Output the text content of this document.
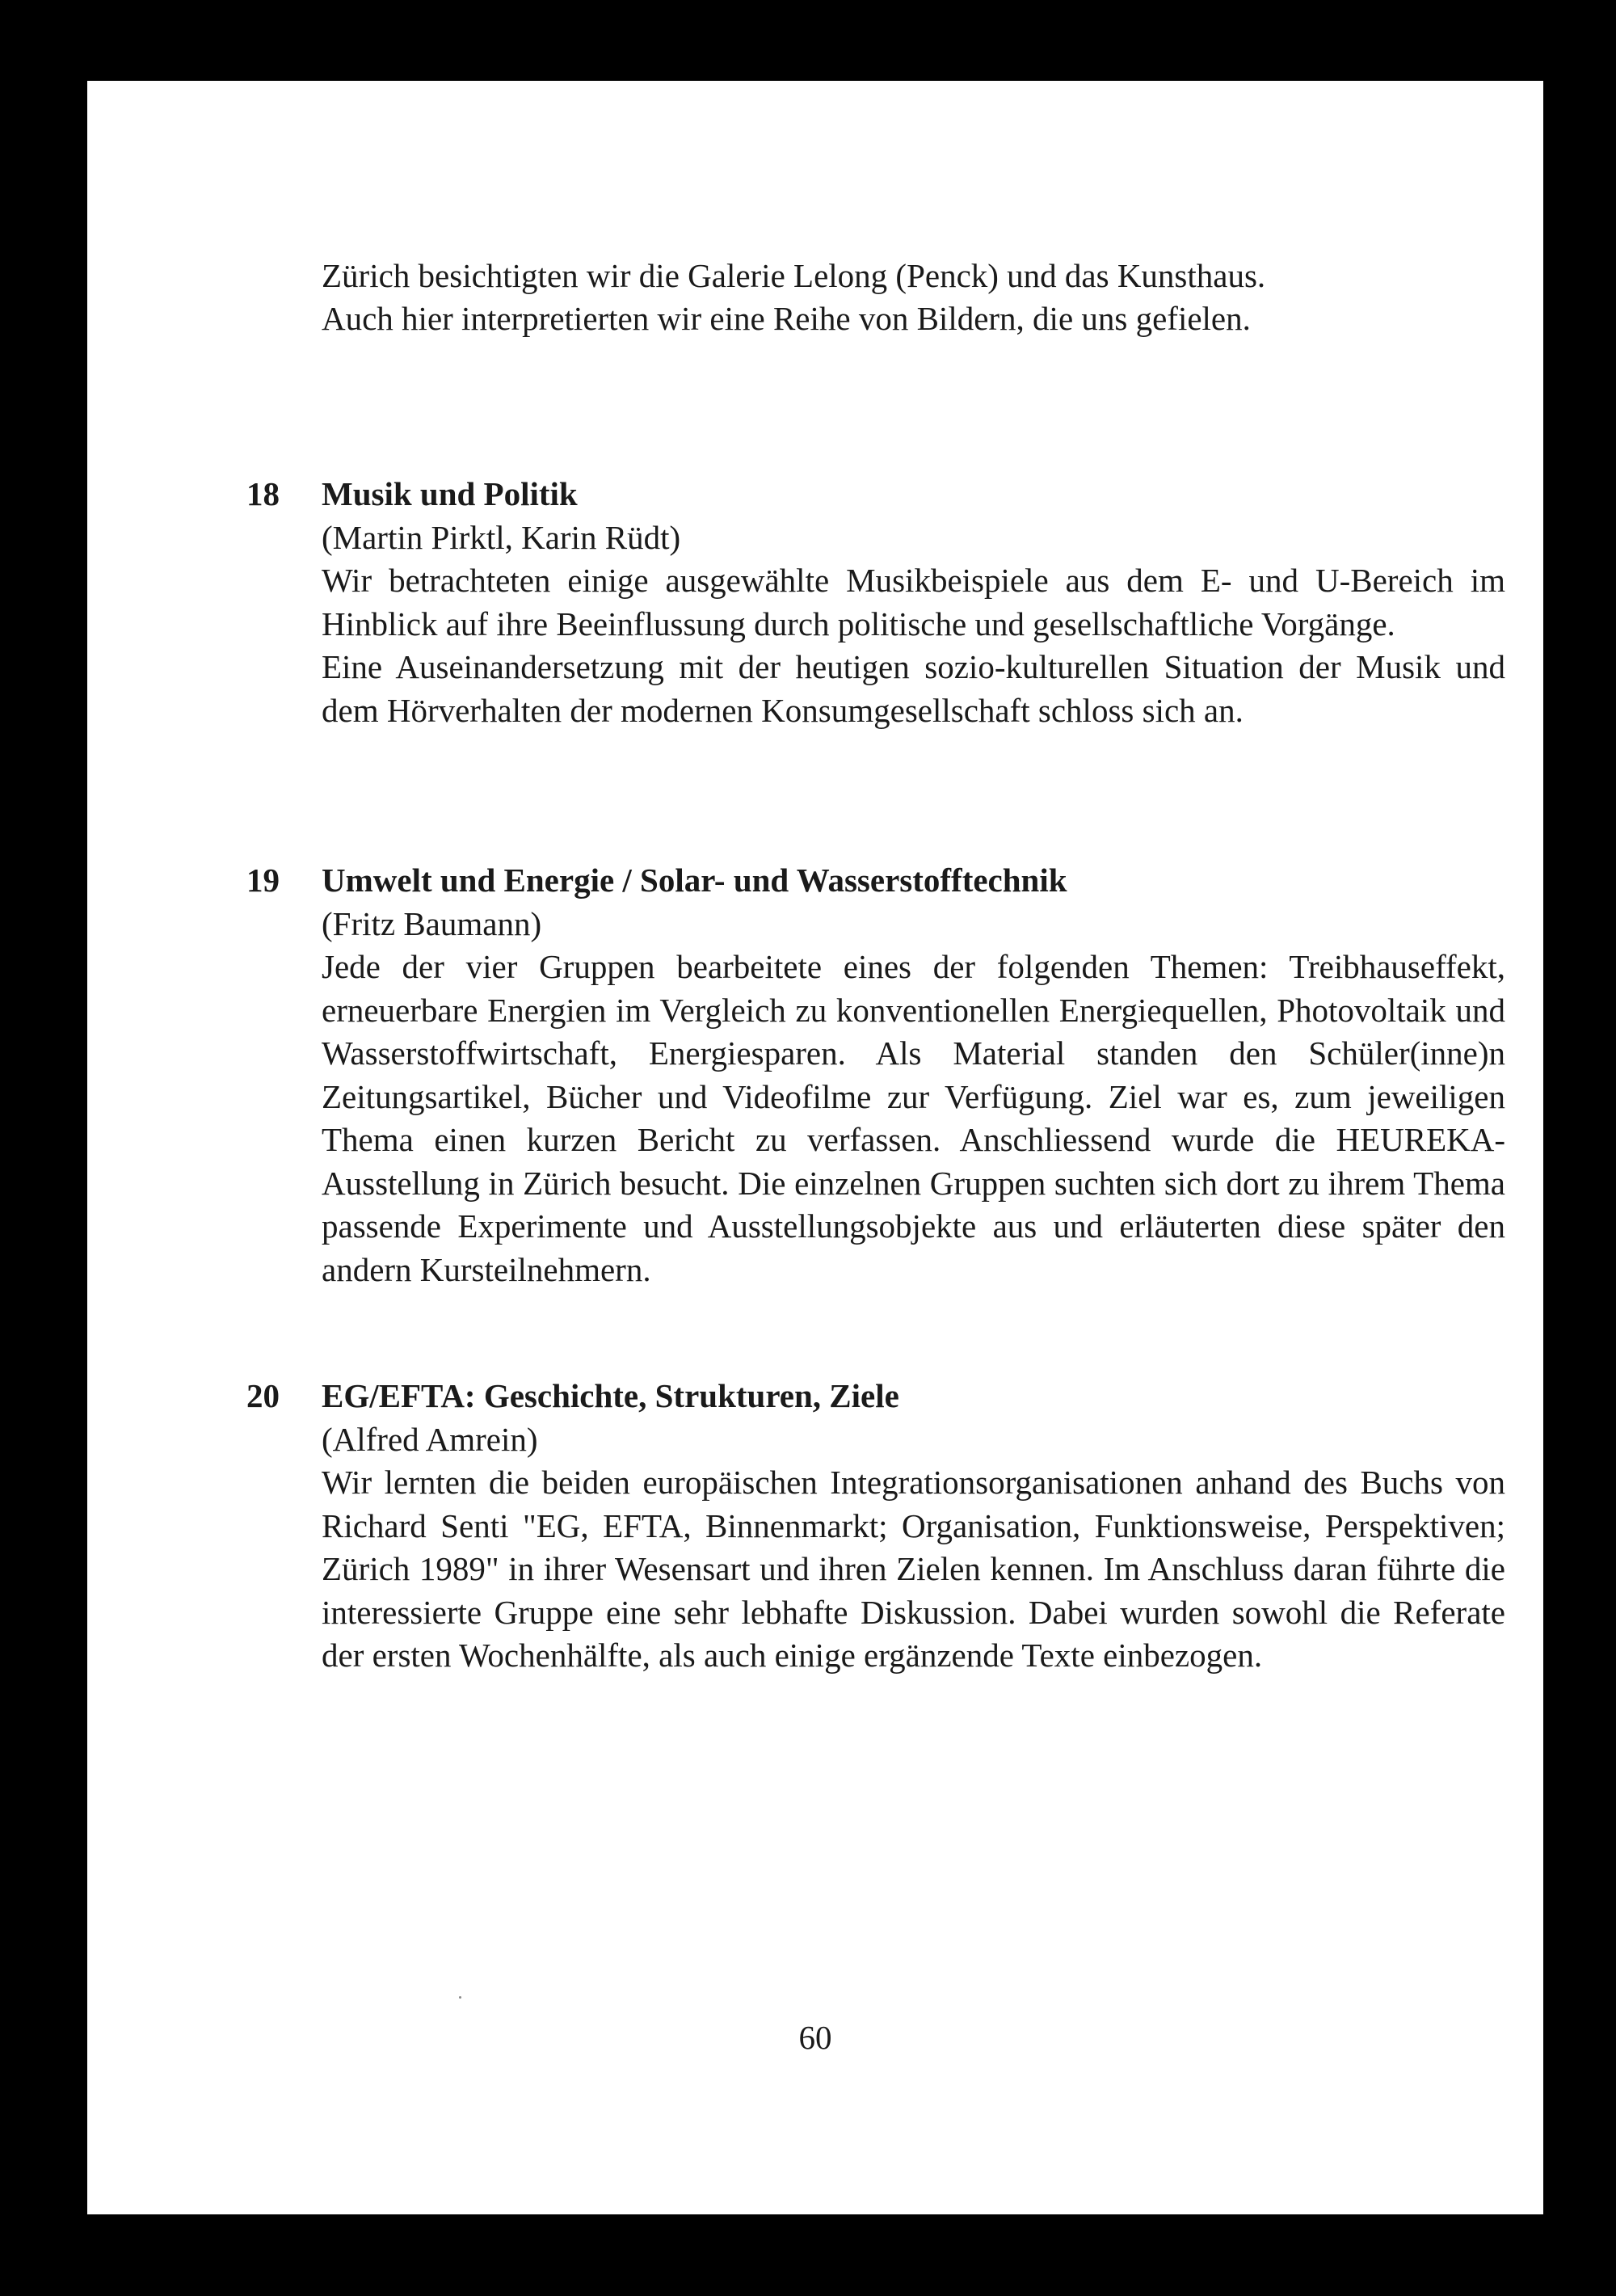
Zürich besichtigten wir die Galerie Lelong (Penck) und das Kunsthaus.
Auch hier interpretierten wir eine Reihe von Bildern, die uns gefielen.
18 Musik und Politik
(Martin Pirktl, Karin Rüdt)

Wir betrachteten einige ausgewählte Musikbeispiele aus dem E- und U-Bereich im Hinblick auf ihre Beeinflussung durch politische und gesellschaftliche Vorgänge.

Eine Auseinandersetzung mit der heutigen sozio-kulturellen Situation der Musik und dem Hörverhalten der modernen Konsumgesellschaft schloss sich an.

19 Umwelt und Energie / Solar- und Wasserstofftechnik
(Fritz Baumann)

Jede der vier Gruppen bearbeitete eines der folgenden Themen: Treibhauseffekt, erneuerbare Energien im Vergleich zu konventionellen Energiequellen, Photovoltaik und Wasserstoffwirtschaft, Energiesparen. Als Material standen den Schüler(inne)n Zeitungsartikel, Bücher und Videofilme zur Verfügung. Ziel war es, zum jeweiligen Thema einen kurzen Bericht zu verfassen. Anschliessend wurde die HEUREKA-Ausstellung in Zürich besucht. Die einzelnen Gruppen suchten sich dort zu ihrem Thema passende Experimente und Ausstellungsobjekte aus und erläuterten diese später den andern Kursteilnehmern.

20 EG/EFTA: Geschichte, Strukturen, Ziele
(Alfred Amrein)

Wir lernten die beiden europäischen Integrationsorganisationen anhand des Buchs von Richard Senti "EG, EFTA, Binnenmarkt; Organisation, Funktionsweise, Perspektiven; Zürich 1989" in ihrer Wesensart und ihren Zielen kennen. Im Anschluss daran führte die interessierte Gruppe eine sehr lebhafte Diskussion. Dabei wurden sowohl die Referate der ersten Wochenhälfte, als auch einige ergänzende Texte einbezogen.

60
